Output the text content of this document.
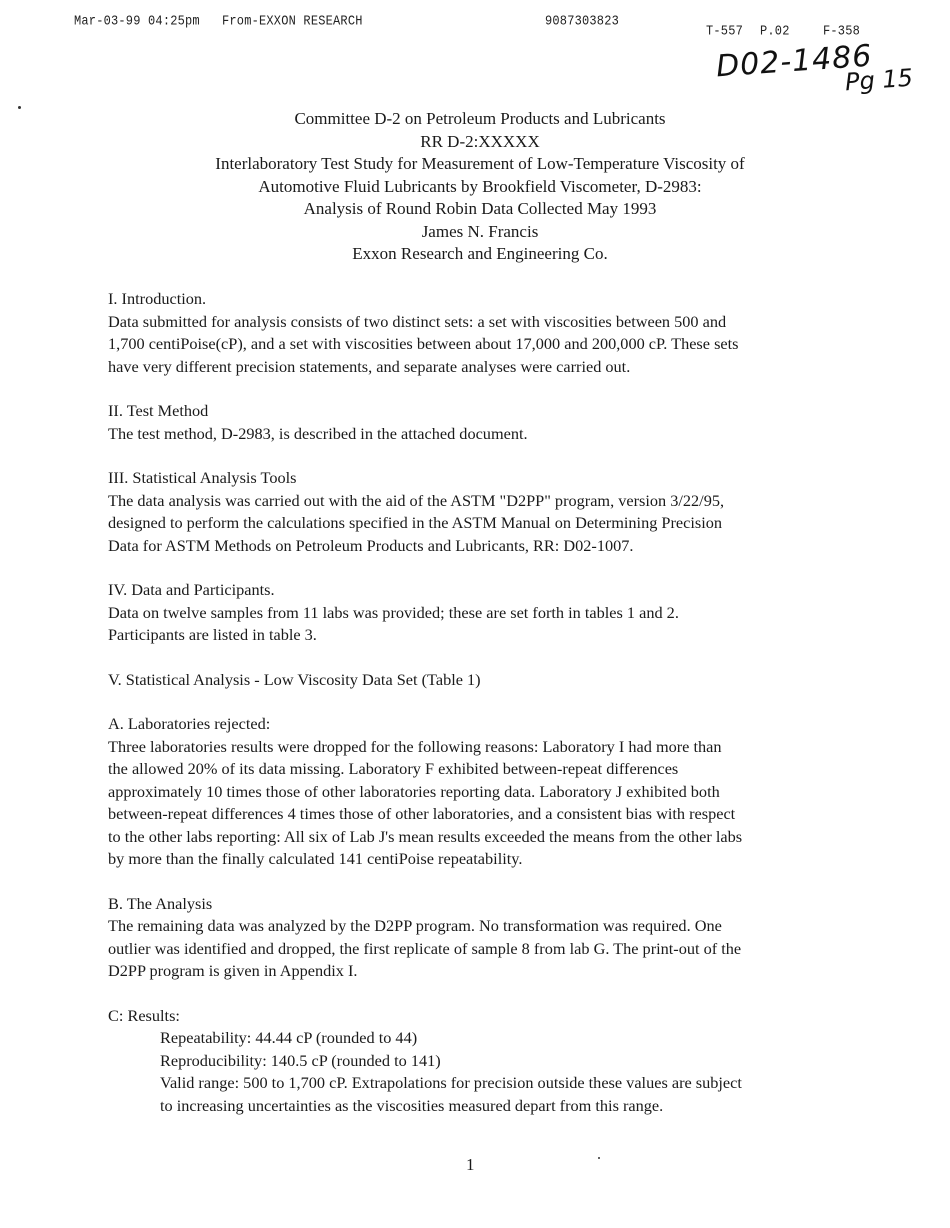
Mar-03-99 04:25pm From-EXXON RESEARCH	9087303823
T-557 P.02	F-358
D02-1486
Pg 15
Committee D-2 on Petroleum Products and Lubricants
RR D-2:XXXXX
Interlaboratory Test Study for Measurement of Low-Temperature Viscosity of
Automotive Fluid Lubricants by Brookfield Viscometer, D-2983:
Analysis of Round Robin Data Collected May 1993
James N. Francis
Exxon Research and Engineering Co.

I. Introduction.

Data submitted for analysis consists of two distinct sets: a set with viscosities between 500 and
1,700 centiPoise(cP), and a set with viscosities between about 17,000 and 200,000 cP. These sets
have very different precision statements, and separate analyses were carried out.

II. Test Method

The test method, D-2983, is described in the attached document.

III. Statistical Analysis Tools

The data analysis was carried out with the aid of the ASTM "D2PP" program, version 3/22/95,
designed to perform the calculations specified in the ASTM Manual on Determining Precision
Data for ASTM Methods on Petroleum Products and Lubricants, RR: D02-1007.

IV. Data and Participants.

Data on twelve samples from 11 labs was provided; these are set forth in tables 1 and 2.
Participants are listed in table 3.

V. Statistical Analysis - Low Viscosity Data Set (Table 1)

A. Laboratories rejected:

Three laboratories results were dropped for the following reasons: Laboratory I had more than
the allowed 20% of its data missing. Laboratory F exhibited between-repeat differences
approximately 10 times those of other laboratories reporting data. Laboratory J exhibited both
between-repeat differences 4 times those of other laboratories, and a consistent bias with respect
to the other labs reporting: All six of Lab J's mean results exceeded the means from the other labs
by more than the finally calculated 141 centiPoise repeatability.

B. The Analysis

The remaining data was analyzed by the D2PP program. No transformation was required. One
outlier was identified and dropped, the first replicate of sample 8 from lab G. The print-out of the
D2PP program is given in Appendix I.

C: Results:

Repeatability: 44.44 cP (rounded to 44)
Reproducibility: 140.5 cP (rounded to 141)
Valid range: 500 to 1,700 cP. Extrapolations for precision outside these values are subject
to increasing uncertainties as the viscosities measured depart from this range.
1
